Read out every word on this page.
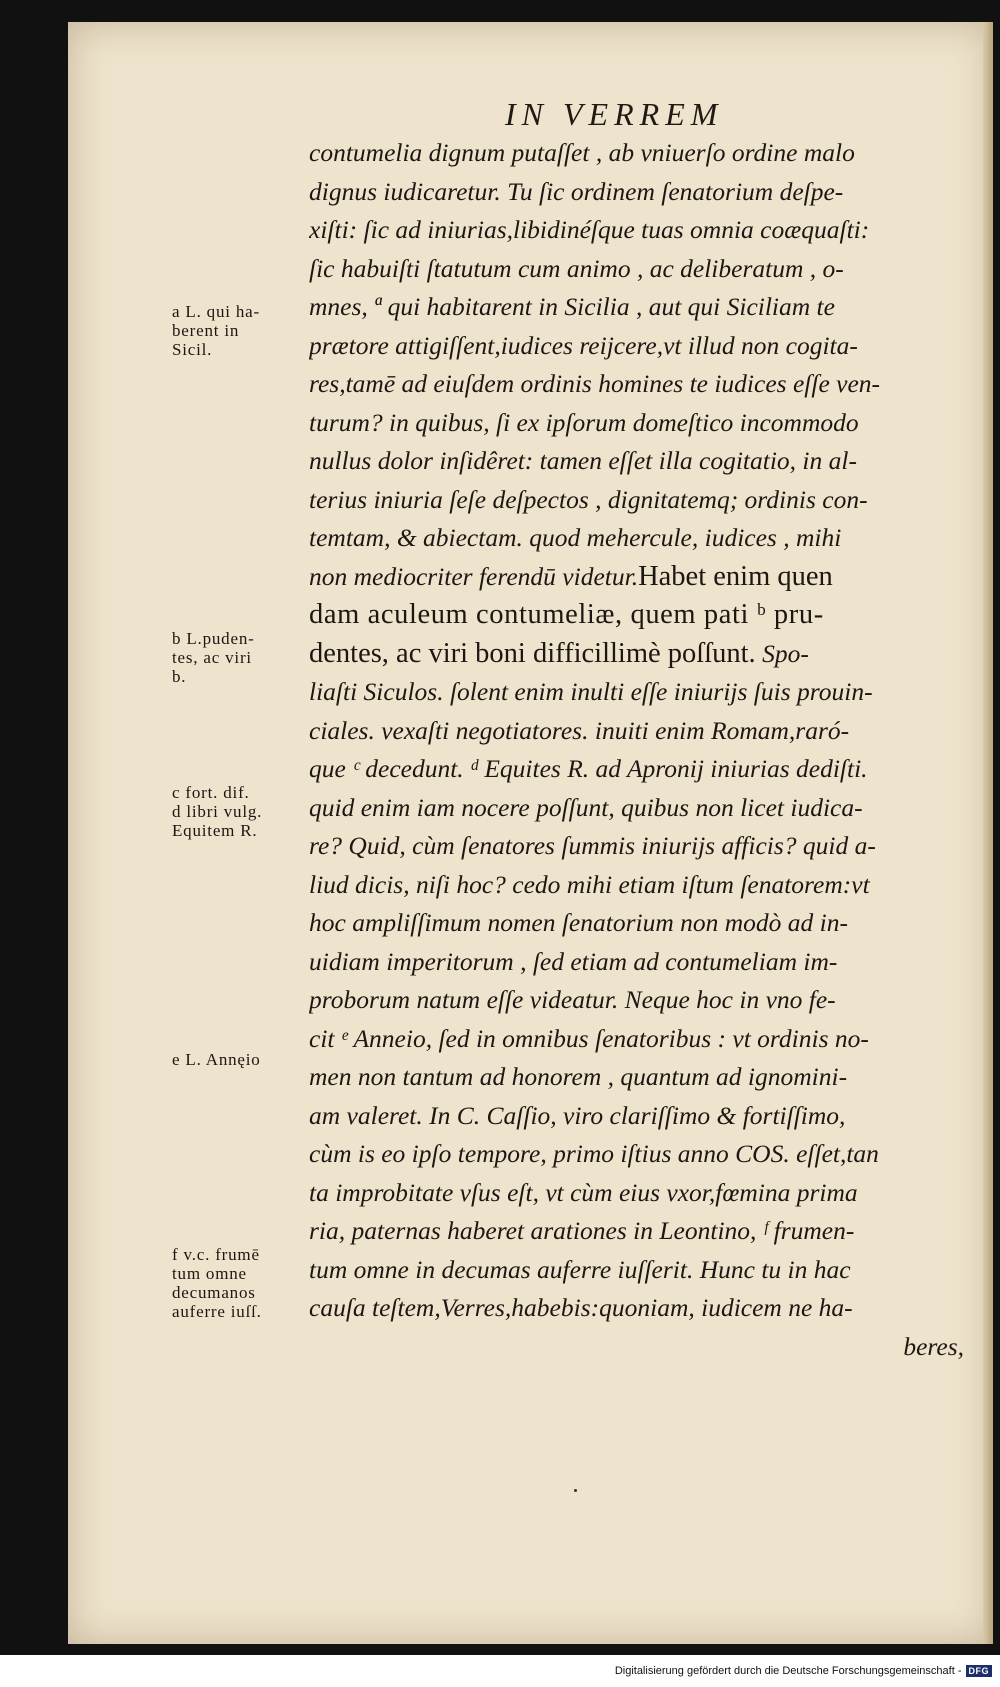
IN VERREM
contumelia dignum putaſſet , ab vniuerſo ordine malo
dignus iudicaretur. Tu ſic ordinem ſenatorium deſpe-
xiſti: ſic ad iniurias,libidinéſque tuas omnia coæquaſti:
ſic habuiſti ſtatutum cum animo , ac deliberatum , o-
mnes, ª qui habitarent in Sicilia , aut qui Siciliam te
prætore attigiſſent,iudices reijcere,vt illud non cogita-
res,tamē ad eiuſdem ordinis homines te iudices eſſe ven-
turum? in quibus, ſi ex ipſorum domeſtico incommodo
nullus dolor inſidêret: tamen eſſet illa cogitatio, in al-
terius iniuria ſeſe deſpectos , dignitatemq; ordinis con-
temtam, & abiectam. quod mehercule, iudices , mihi
non mediocriter ferendū videtur.Habet enim quen
dam aculeum contumeliæ, quem pati ᵇ pru-
dentes, ac viri boni difficillimè poſſunt. Spo-
liaſti Siculos. ſolent enim inulti eſſe iniurijs ſuis prouin-
ciales. vexaſti negotiatores. inuiti enim Romam,raró-
que ᶜ decedunt. ᵈ Equites R. ad Apronij iniurias dediſti.
quid enim iam nocere poſſunt, quibus non licet iudica-
re? Quid, cùm ſenatores ſummis iniurijs afficis? quid a-
liud dicis, niſi hoc? cedo mihi etiam iſtum ſenatorem:vt
hoc ampliſſimum nomen ſenatorium non modò ad in-
uidiam imperitorum , ſed etiam ad contumeliam im-
proborum natum eſſe videatur. Neque hoc in vno fe-
cit ᵉ Anneio, ſed in omnibus ſenatoribus : vt ordinis no-
men non tantum ad honorem , quantum ad ignomini-
am valeret. In C. Caſſio, viro clariſſimo & fortiſſimo,
cùm is eo ipſo tempore, primo iſtius anno COS. eſſet,tan
ta improbitate vſus eſt, vt cùm eius vxor,fœmina prima
ria, paternas haberet arationes in Leontino, ᶠ frumen-
tum omne in decumas auferre iuſſerit. Hunc tu in hac
cauſa teſtem,Verres,habebis:quoniam, iudicem ne ha-
beres,
a L. qui ha-
berent in
Sicil.
b L.puden-
tes, ac viri
b.
c fort. dif.
d libri vulg.
Equitem R.
e L. Annęio
f v.c. frumē
tum omne
decumanos
auferre iuſſ.
Digitalisierung gefördert durch die Deutsche Forschungsgemeinschaft - DFG
